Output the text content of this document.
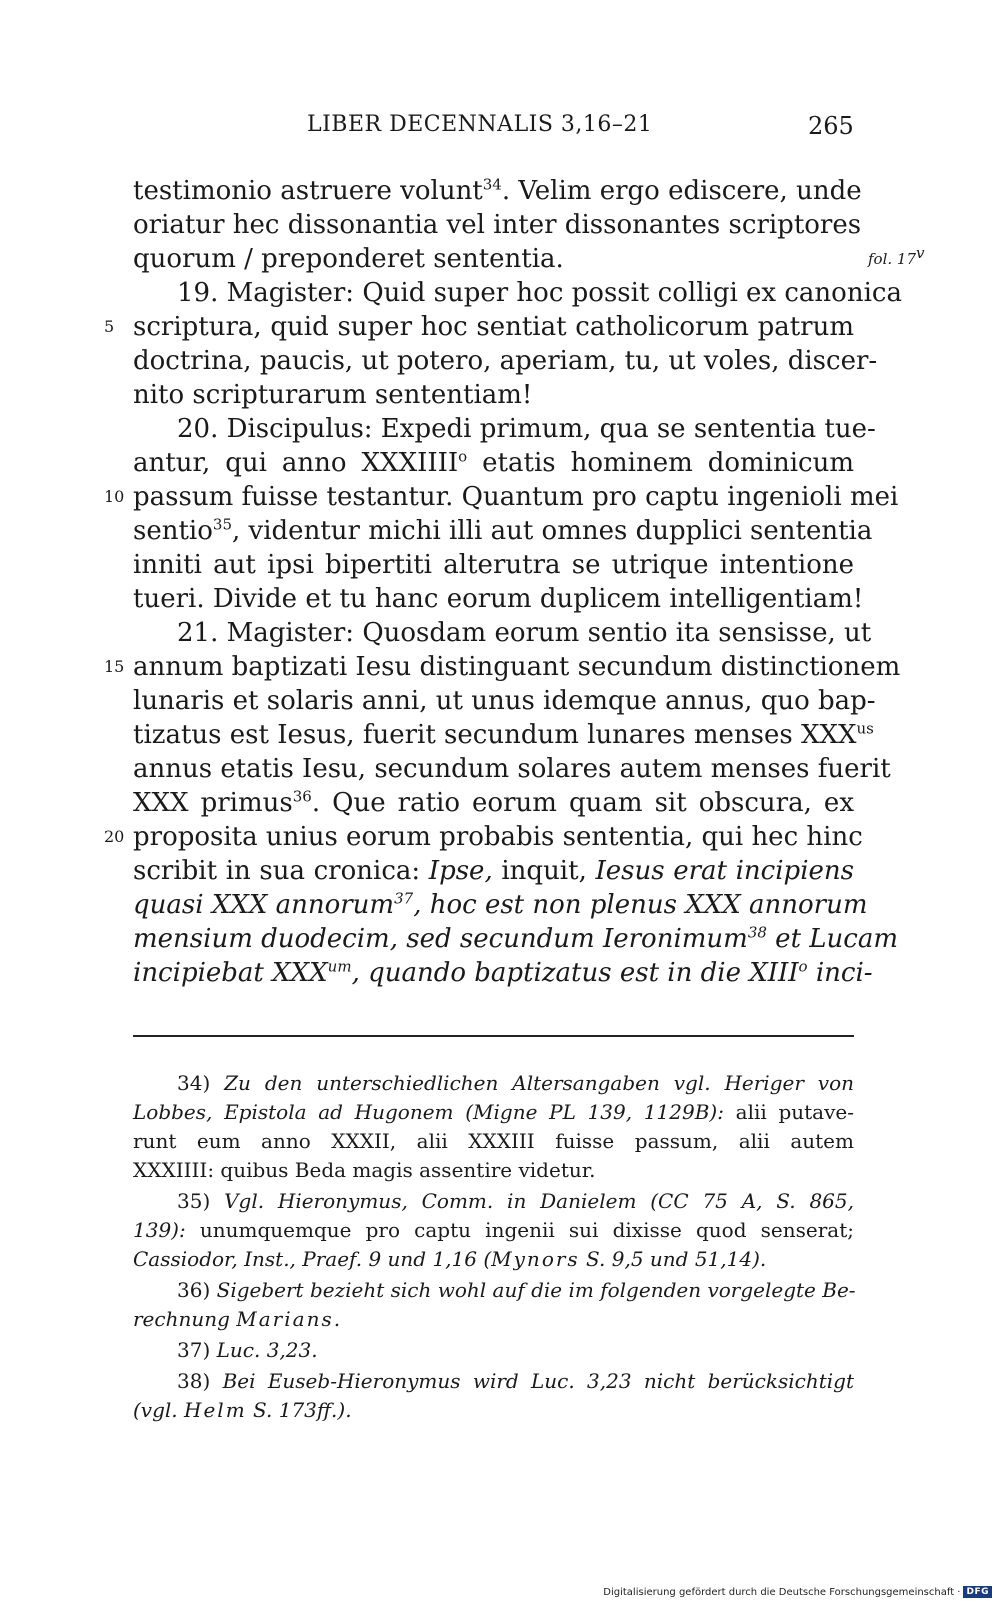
LIBER DECENNALIS 3,16–21	265
testimonio astruere volunt$^{34}$. Velim ergo ediscere, unde
oriatur hec dissonantia vel inter dissonantes scriptores
quorum / preponderet sententia.	fol. 17$^v$
19. Magister: Quid super hoc possit colligi ex canonica
5 scriptura, quid super hoc sentiat catholicorum patrum
doctrina, paucis, ut potero, aperiam, tu, ut voles, discer-
nito scripturarum sententiam!
20. Discipulus: Expedi primum, qua se sententia tue-
antur, qui anno XXXIIII$^o$ etatis hominem dominicum
10 passum fuisse testantur. Quantum pro captu ingenioli mei
sentio$^{35}$, videntur michi illi aut omnes dupplici sententia
inniti aut ipsi bipertiti alterutra se utrique intentione
tueri. Divide et tu hanc eorum duplicem intelligentiam!
21. Magister: Quosdam eorum sentio ita sensisse, ut
15 annum baptizati Iesu distinguant secundum distinctionem
lunaris et solaris anni, ut unus idemque annus, quo bap-
tizatus est Iesus, fuerit secundum lunares menses $XXX^{us}$
annus etatis Iesu, secundum solares autem menses fuerit
XXX primus$^{36}$. Que ratio eorum quam sit obscura, ex
20 proposita unius eorum probabis sententia, qui hec hinc
scribit in sua cronica: Ipse, inquit, Iesus erat incipiens
quasi XXX annorum$^{37}$, hoc est non plenus XXX annorum
mensium duodecim, sed secundum Ieronimum$^{38}$ et Lucam
incipiebat $XXX^{um}$, quando baptizatus est in die XIII$^o$ inci-
34) Zu den unterschiedlichen Altersangaben vgl. Heriger von
Lobbes, Epistola ad Hugonem (Migne PL 139, 1129B): alii putave-
runt eum anno XXXII, alii XXXIII fuisse passum, alii autem
XXXIIII: quibus Beda magis assentire videtur.
35) Vgl. Hieronymus, Comm. in Danielem (CC 75 A, S. 865,
139): unumquemque pro captu ingenii sui dixisse quod senserat;
Cassiodor, Inst., Praef. 9 und 1,16 (Mynors S. 9,5 und 51,14).
36) Sigebert bezieht sich wohl auf die im folgenden vorgelegte Be-
rechnung Marians.
37) Luc. 3,23.
38) Bei Euseb-Hieronymus wird Luc. 3,23 nicht berücksichtigt
(vgl. Helm S. 173ff.).
Digitalisierung gefördert durch die Deutsche Forschungsgemeinschaft · DFG
